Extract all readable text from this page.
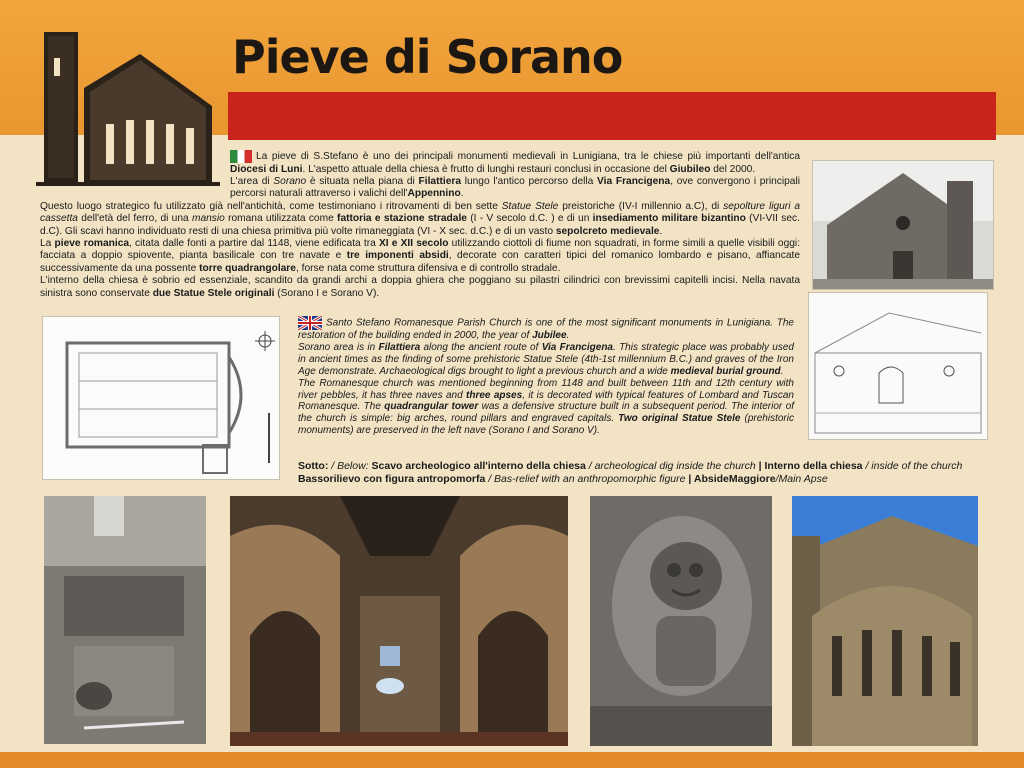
Pieve di Sorano

La pieve di S.Stefano è uno dei principali monumenti medievali in Lunigiana, tra le chiese più importanti dell'antica Diocesi di Luni. L'aspetto attuale della chiesa è frutto di lunghi restauri conclusi in occasione del Giubileo del 2000.

L'area di Sorano è situata nella piana di Filattiera lungo l'antico percorso della Via Francigena, ove convergono i principali percorsi naturali attraverso i valichi dell'Appennino.

Questo luogo strategico fu utilizzato già nell'antichità, come testimoniano i ritrovamenti di ben sette Statue Stele preistoriche (IV-I millennio a.C), di sepolture liguri a cassetta dell'età del ferro, di una mansio romana utilizzata come fattoria e stazione stradale (I - V secolo d.C. ) e di un insediamento militare bizantino (VI-VII sec. d.C). Gli scavi hanno individuato resti di una chiesa primitiva più volte rimaneggiata (VI - X sec. d.C.) e di un vasto sepolcreto medievale.

La pieve romanica, citata dalle fonti a partire dal 1148, viene edificata tra XI e XII secolo utilizzando ciottoli di fiume non squadrati, in forme simili a quelle visibili oggi: facciata a doppio spiovente, pianta basilicale con tre navate e tre imponenti absidi, decorate con caratteri tipici del romanico lombardo e pisano, affiancate successivamente da una possente torre quadrangolare, forse nata come struttura difensiva e di controllo stradale.

L'interno della chiesa è sobrio ed essenziale, scandito da grandi archi a doppia ghiera che poggiano su pilastri cilindrici con brevissimi capitelli incisi. Nella navata sinistra sono conservate due Statue Stele originali (Sorano I e Sorano V).

Santo Stefano Romanesque Parish Church is one of the most significant monuments in Lunigiana. The restoration of the building ended in 2000, the year of Jubilee.

Sorano area is in Filattiera along the ancient route of Via Francigena. This strategic place was probably used in ancient times as the finding of some prehistoric Statue Stele (4th-1st millennium B.C.) and graves of the Iron Age demonstrate. Archaeological digs brought to light a previous church and a wide medieval burial ground.

The Romanesque church was mentioned beginning from 1148 and built between 11th and 12th century with river pebbles, it has three naves and three apses, it is decorated with typical features of Lombard and Tuscan Romanesque. The quadrangular tower was a defensive structure built in a subsequent period. The interior of the church is simple: big arches, round pillars and engraved capitals. Two original Statue Stele (prehistoric monuments) are preserved in the left nave (Sorano I and Sorano V).

Sotto: / Below: Scavo archeologico all'interno della chiesa / archeological dig inside the church | Interno della chiesa / inside of the church
Bassorilievo con figura antropomorfa / Bas-relief with an anthropomorphic figure | AbsideMaggiore/Main Apse
